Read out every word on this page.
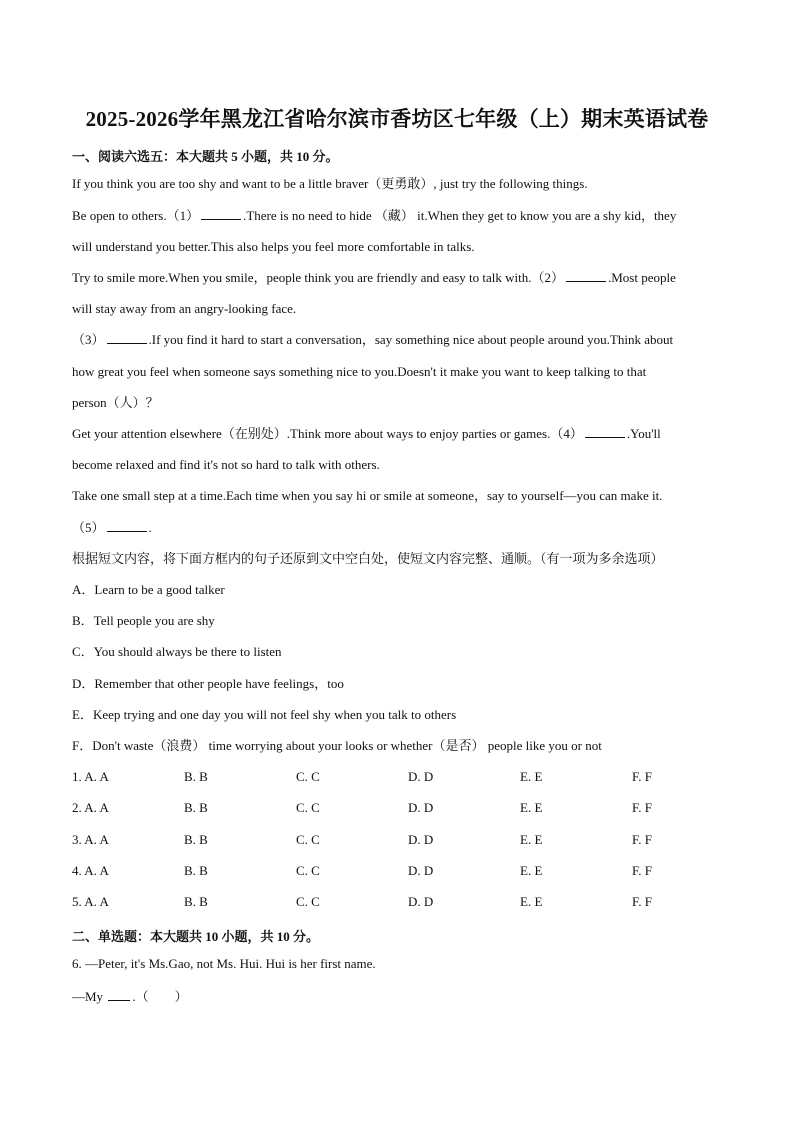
2025-2026学年黑龙江省哈尔滨市香坊区七年级（上）期末英语试卷
一、阅读六选五：本大题共 5 小题，共 10 分。
If you think you are too shy and want to be a little braver（更勇敢）, just try the following things.
Be open to others.（1）	.There is no need to hide （藏） it.When they get to know you are a shy kid，they
will understand you better.This also helps you feel more comfortable in talks.
Try to smile more.When you smile，people think you are friendly and easy to talk with.（2）	.Most people
will stay away from an angry-looking face.
（3）	.If you find it hard to start a conversation，say something nice about people around you.Think about
how great you feel when someone says something nice to you.Doesn't it make you want to keep talking to that
person（人）？
Get your attention elsewhere（在别处）.Think more about ways to enjoy parties or games.（4）	.You'll
become relaxed and find it's not so hard to talk with others.
Take one small step at a time.Each time when you say hi or smile at someone，say to yourself—you can make it.
（5）	.
根据短文内容，将下面方框内的句子还原到文中空白处，使短文内容完整、通顺。（有一项为多余选项）
A．Learn to be a good talker
B．Tell people you are shy
C．You should always be there to listen
D．Remember that other people have feelings，too
E．Keep trying and one day you will not feel shy when you talk to others
F．Don't waste（浪费） time worrying about your looks or whether（是否） people like you or not
1. A. A	B. B	C. C	D. D	E. E	F. F
2. A. A	B. B	C. C	D. D	E. E	F. F
3. A. A	B. B	C. C	D. D	E. E	F. F
4. A. A	B. B	C. C	D. D	E. E	F. F
5. A. A	B. B	C. C	D. D	E. E	F. F
二、单选题：本大题共 10 小题，共 10 分。
6. —Peter, it's Ms.Gao, not Ms. Hui. Hui is her first name.
—My .（　　）
